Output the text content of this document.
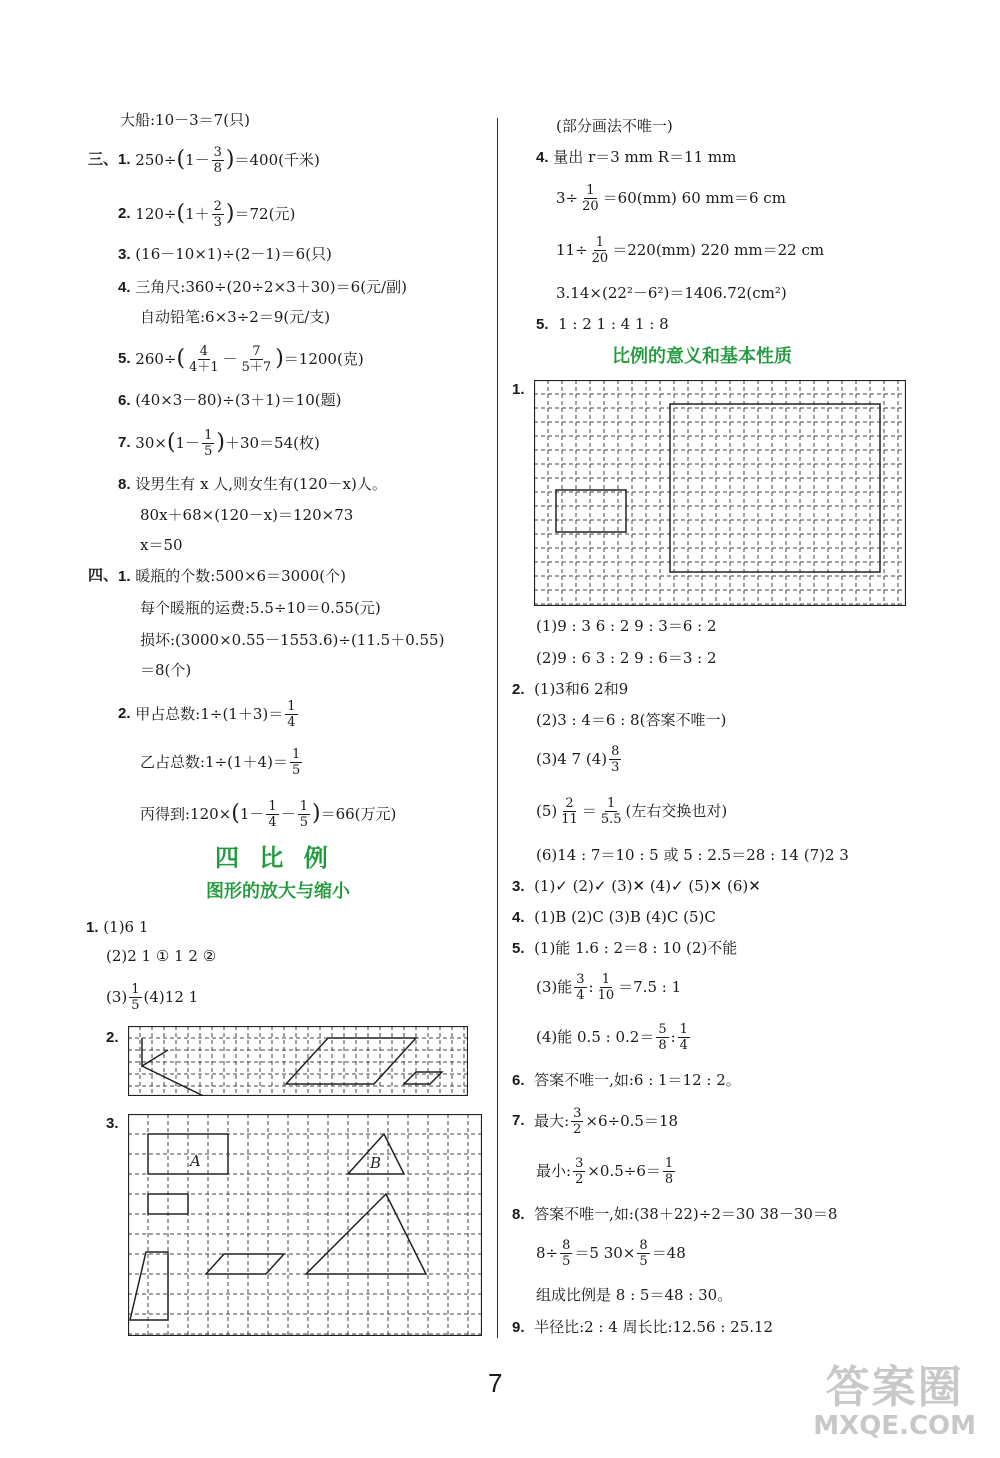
大船:10－3＝7(只)
三、 1.
250÷ ( $1- \frac{3}{8}$ ) ＝400(千米)
2.
120÷ ( $1+ \frac{2}{3}$ ) ＝72(元)
3. (16－10×1)÷(2－1)＝6(只)
4. 三角尺:360÷(20÷2×3＋30)＝6(元/副)
自动铅笔:6×3÷2＝9(元/支)
5.
260÷ ( $\frac{4}{4+1} - \frac{7}{5+7}$ ) ＝1200(克)
6. (40×3－80)÷(3＋1)＝10(题)
7.
30× ( $1- \frac{1}{5}$ ) ＋30＝54(枚)
8. 设男生有 x 人,则女生有(120－x)人。
80x＋68×(120－x)＝120×73
x＝50
四、 1. 暖瓶的个数:500×6＝3000(个)
每个暖瓶的运费:5.5÷10＝0.55(元)
损坏:(3000×0.55－1553.6)÷(11.5＋0.55)
＝8(个)
2.
甲占总数:1÷(1＋3)＝ $\frac{1}{4}$
乙占总数:1÷(1＋4)＝ $\frac{1}{5}$
丙得到:120× ( $1- \frac{1}{4} - \frac{1}{5}$ ) ＝66(万元)
四 比 例
图形的放大与缩小
1. (1)6 1
(2)2 1 ① 1 2 ②
$(3) \frac{1}{5} (4)12$ 1
2.
3.
A	B
(部分画法不唯一)
4. 量出 r＝3 mm R＝11 mm
$3\div \frac{1}{20} =60(mm)$ 60 mm＝6 cm
$11\div \frac{1}{20} =220(mm)$ 220 mm＝22 cm
3.14×(22²－6²)＝1406.72(cm²)
5. 1 : 2 1 : 4 1 : 8
比例的意义和基本性质
1.
(1)9 : 3 6 : 2 9 : 3＝6 : 2
(2)9 : 6 3 : 2 9 : 6＝3 : 2
2. (1)3和6 2和9
(2)3 : 4＝6 : 8(答案不唯一)
(3)4 7 $(4) \frac{8}{3}$
$(5) \frac{2}{11} = \frac{1}{5.5}$ (左右交换也对)
(6)14 : 7＝10 : 5 或 5 : 2.5＝28 : 14 (7)2 3
3. (1)✓ (2)✓ (3)✕ (4)✓ (5)✕ (6)✕
4. (1)B (2)C (3)B (4)C (5)C
5. (1)能 1.6 : 2＝8 : 10 (2)不能
(3)能 $\frac{3}{4}$ : $\frac{1}{10} =7.5$ : 1
(4)能 0.5 : $0.2= \frac{5}{8}$ : $\frac{1}{4}$
6. 答案不唯一,如:6 : 1＝12 : 2。
7.
最大: $\frac{3}{2} \times 6\div 0.5=18$
最小: $\frac{3}{2} \times 0.5\div 6= \frac{1}{8}$
8. 答案不唯一,如:(38＋22)÷2＝30 38－30＝8
$8\div \frac{8}{5} =5$ $30\times \frac{8}{5} =48$
组成比例是 8 : 5＝48 : 30。
9. 半径比:2 : 4 周长比:12.56 : 25.12
7	答案圈
MXQE.COM
